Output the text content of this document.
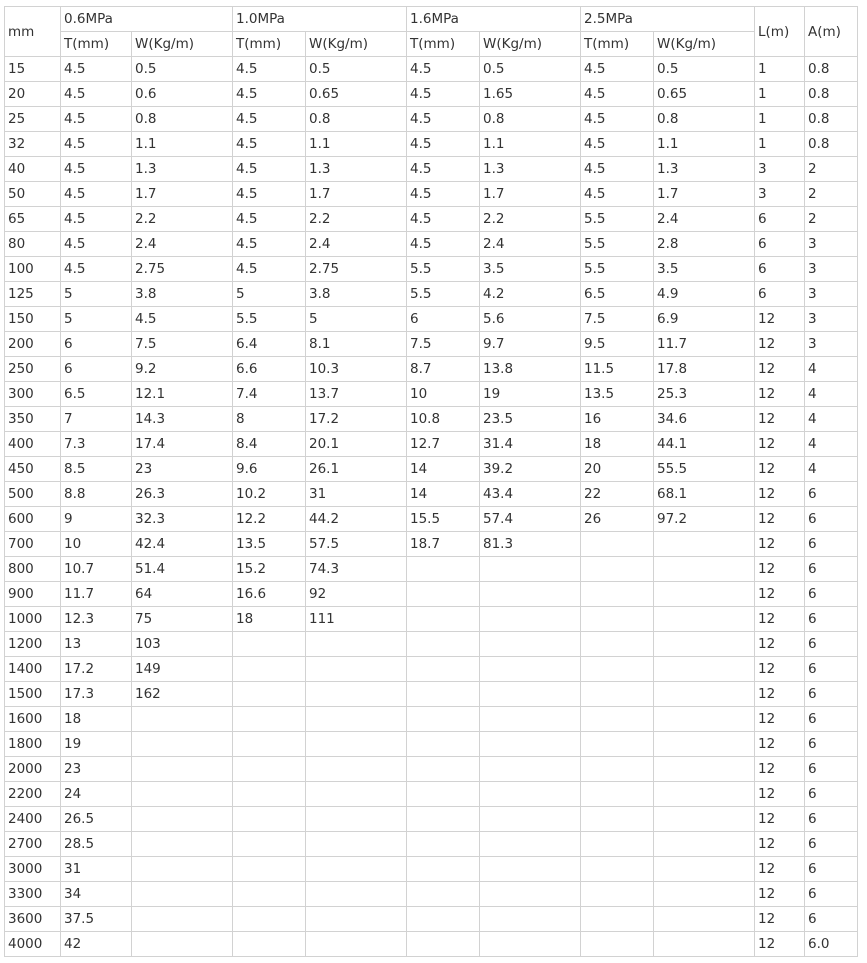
mm	0.6MPa		1.0MPa		1.6MPa		2.5MPa		L(m)	A(m)
	T(mm)	W(Kg/m)	T(mm)	W(Kg/m)	T(mm)	W(Kg/m)	T(mm)	W(Kg/m)		
15	4.5	0.5	4.5	0.5	4.5	0.5	4.5	0.5	1	0.8
20	4.5	0.6	4.5	0.65	4.5	1.65	4.5	0.65	1	0.8
25	4.5	0.8	4.5	0.8	4.5	0.8	4.5	0.8	1	0.8
32	4.5	1.1	4.5	1.1	4.5	1.1	4.5	1.1	1	0.8
40	4.5	1.3	4.5	1.3	4.5	1.3	4.5	1.3	3	2
50	4.5	1.7	4.5	1.7	4.5	1.7	4.5	1.7	3	2
65	4.5	2.2	4.5	2.2	4.5	2.2	5.5	2.4	6	2
80	4.5	2.4	4.5	2.4	4.5	2.4	5.5	2.8	6	3
100	4.5	2.75	4.5	2.75	5.5	3.5	5.5	3.5	6	3
125	5	3.8	5	3.8	5.5	4.2	6.5	4.9	6	3
150	5	4.5	5.5	5	6	5.6	7.5	6.9	12	3
200	6	7.5	6.4	8.1	7.5	9.7	9.5	11.7	12	3
250	6	9.2	6.6	10.3	8.7	13.8	11.5	17.8	12	4
300	6.5	12.1	7.4	13.7	10	19	13.5	25.3	12	4
350	7	14.3	8	17.2	10.8	23.5	16	34.6	12	4
400	7.3	17.4	8.4	20.1	12.7	31.4	18	44.1	12	4
450	8.5	23	9.6	26.1	14	39.2	20	55.5	12	4
500	8.8	26.3	10.2	31	14	43.4	22	68.1	12	6
600	9	32.3	12.2	44.2	15.5	57.4	26	97.2	12	6
700	10	42.4	13.5	57.5	18.7	81.3			12	6
800	10.7	51.4	15.2	74.3					12	6
900	11.7	64	16.6	92					12	6
1000	12.3	75	18	111					12	6
1200	13	103							12	6
1400	17.2	149							12	6
1500	17.3	162							12	6
1600	18								12	6
1800	19								12	6
2000	23								12	6
2200	24								12	6
2400	26.5								12	6
2700	28.5								12	6
3000	31								12	6
3300	34								12	6
3600	37.5								12	6
4000	42								12	6.0
